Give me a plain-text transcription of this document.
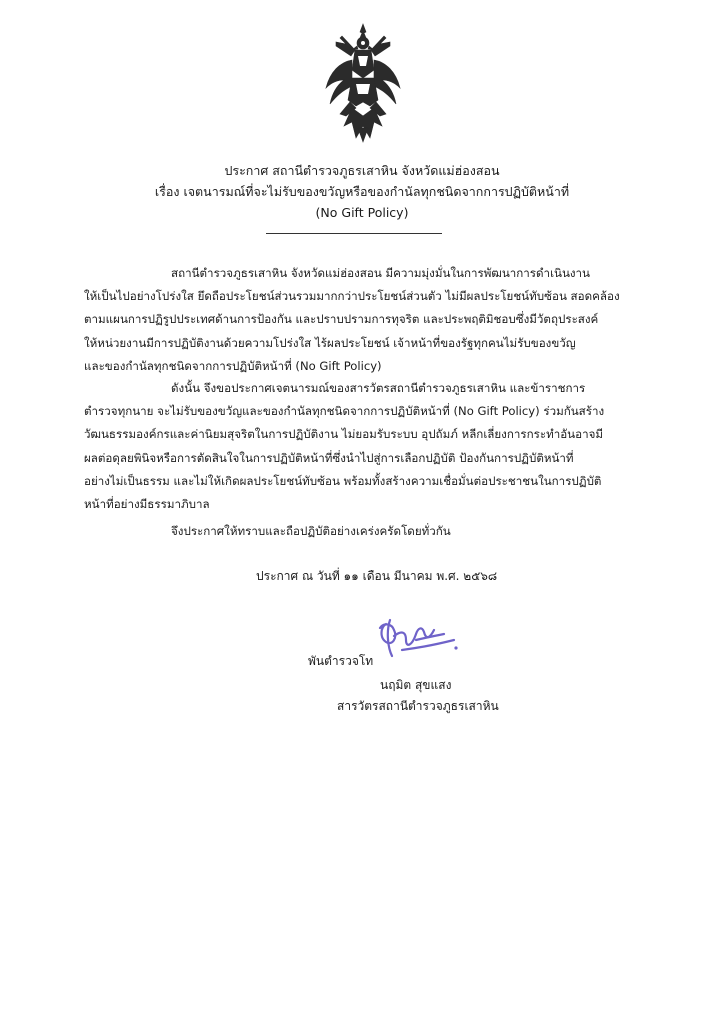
ประกาศ สถานีตำรวจภูธรเสาหิน จังหวัดแม่ฮ่องสอน
เรื่อง เจตนารมณ์ที่จะไม่รับของขวัญหรือของกำนัลทุกชนิดจากการปฏิบัติหน้าที่
(No Gift Policy)
สถานีตำรวจภูธรเสาหิน จังหวัดแม่ฮ่องสอน มีความมุ่งมั่นในการพัฒนาการดำเนินงาน
ให้เป็นไปอย่างโปร่งใส ยึดถือประโยชน์ส่วนรวมมากกว่าประโยชน์ส่วนตัว ไม่มีผลประโยชน์ทับซ้อน สอดคล้อง
ตามแผนการปฏิรูปประเทศด้านการป้องกัน และปราบปรามการทุจริต และประพฤติมิชอบซึ่งมีวัตถุประสงค์
ให้หน่วยงานมีการปฏิบัติงานด้วยความโปร่งใส ไร้ผลประโยชน์ เจ้าหน้าที่ของรัฐทุกคนไม่รับของขวัญ
และของกำนัลทุกชนิดจากการปฏิบัติหน้าที่ (No Gift Policy)
ดังนั้น จึงขอประกาศเจตนารมณ์ของสารวัตรสถานีตำรวจภูธรเสาหิน และข้าราชการ
ตำรวจทุกนาย จะไม่รับของขวัญและของกำนัลทุกชนิดจากการปฏิบัติหน้าที่ (No Gift Policy) ร่วมกันสร้าง
วัฒนธรรมองค์กรและค่านิยมสุจริตในการปฏิบัติงาน ไม่ยอมรับระบบ อุปถัมภ์ หลีกเลี่ยงการกระทำอันอาจมี
ผลต่อดุลยพินิจหรือการตัดสินใจในการปฏิบัติหน้าที่ซึ่งนำไปสู่การเลือกปฏิบัติ ป้องกันการปฏิบัติหน้าที่
อย่างไม่เป็นธรรม และไม่ให้เกิดผลประโยชน์ทับซ้อน พร้อมทั้งสร้างความเชื่อมั่นต่อประชาชนในการปฏิบัติ
หน้าที่อย่างมีธรรมาภิบาล
จึงประกาศให้ทราบและถือปฏิบัติอย่างเคร่งครัดโดยทั่วกัน
ประกาศ ณ วันที่ ๑๑ เดือน มีนาคม พ.ศ. ๒๕๖๘
พันตำรวจโท
นฤมิต สุขแสง
สารวัตรสถานีตำรวจภูธรเสาหิน
